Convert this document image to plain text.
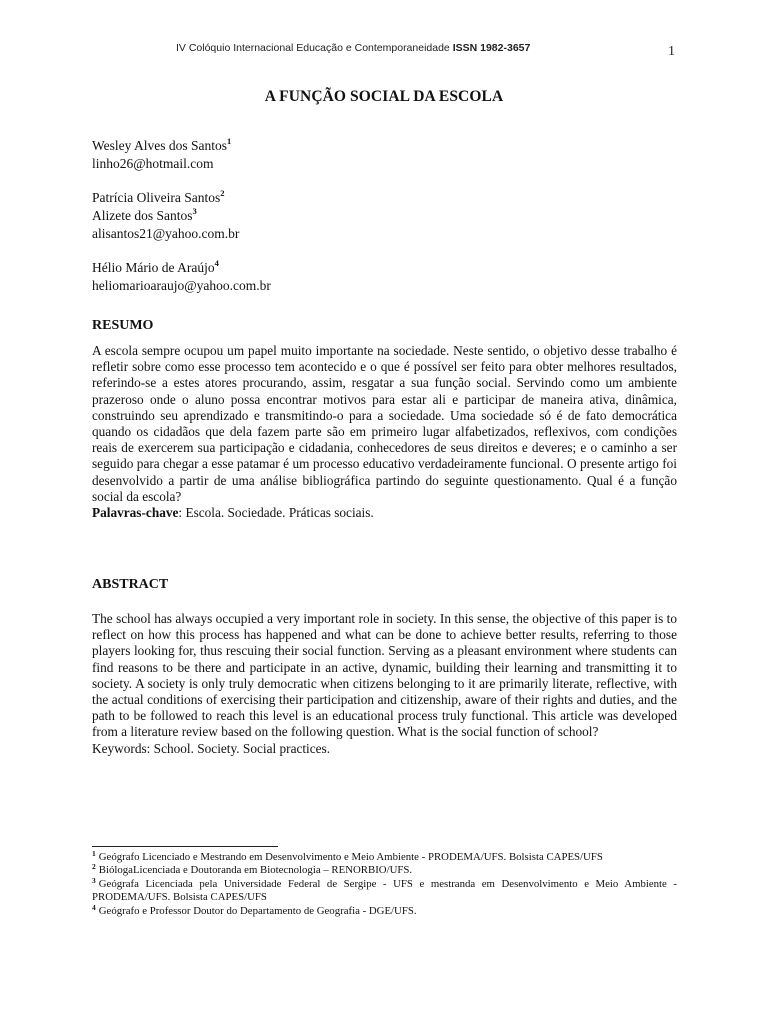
IV Colóquio Internacional Educação e Contemporaneidade ISSN 1982-3657	1
A FUNÇÃO SOCIAL DA ESCOLA
Wesley Alves dos Santos$^1$
linho26@hotmail.com
Patrícia Oliveira Santos$^2$
Alizete dos Santos$^3$
alisantos21@yahoo.com.br
Hélio Mário de Araújo$^4$
heliomarioaraujo@yahoo.com.br
RESUMO
A escola sempre ocupou um papel muito importante na sociedade. Neste sentido, o objetivo desse trabalho é refletir sobre como esse processo tem acontecido e o que é possível ser feito para obter melhores resultados, referindo-se a estes atores procurando, assim, resgatar a sua função social. Servindo como um ambiente prazeroso onde o aluno possa encontrar motivos para estar ali e participar de maneira ativa, dinâmica, construindo seu aprendizado e transmitindo-o para a sociedade. Uma sociedade só é de fato democrática quando os cidadãos que dela fazem parte são em primeiro lugar alfabetizados, reflexivos, com condições reais de exercerem sua participação e cidadania, conhecedores de seus direitos e deveres; e o caminho a ser seguido para chegar a esse patamar é um processo educativo verdadeiramente funcional. O presente artigo foi desenvolvido a partir de uma análise bibliográfica partindo do seguinte questionamento. Qual é a função social da escola?
Palavras-chave: Escola. Sociedade. Práticas sociais.
ABSTRACT
The school has always occupied a very important role in society. In this sense, the objective of this paper is to reflect on how this process has happened and what can be done to achieve better results, referring to those players looking for, thus rescuing their social function. Serving as a pleasant environment where students can find reasons to be there and participate in an active, dynamic, building their learning and transmitting it to society. A society is only truly democratic when citizens belonging to it are primarily literate, reflective, with the actual conditions of exercising their participation and citizenship, aware of their rights and duties, and the path to be followed to reach this level is an educational process truly functional. This article was developed from a literature review based on the following question. What is the social function of school?
Keywords: School. Society. Social practices.

$^1$ Geógrafo Licenciado e Mestrando em Desenvolvimento e Meio Ambiente - PRODEMA/UFS. Bolsista CAPES/UFS

$^2$ BiólogaLicenciada e Doutoranda em Biotecnologia – RENORBIO/UFS.

$^3$ Geógrafa Licenciada pela Universidade Federal de Sergipe - UFS e mestranda em Desenvolvimento e Meio Ambiente - PRODEMA/UFS. Bolsista CAPES/UFS

$^4$ Geógrafo e Professor Doutor do Departamento de Geografia - DGE/UFS.
